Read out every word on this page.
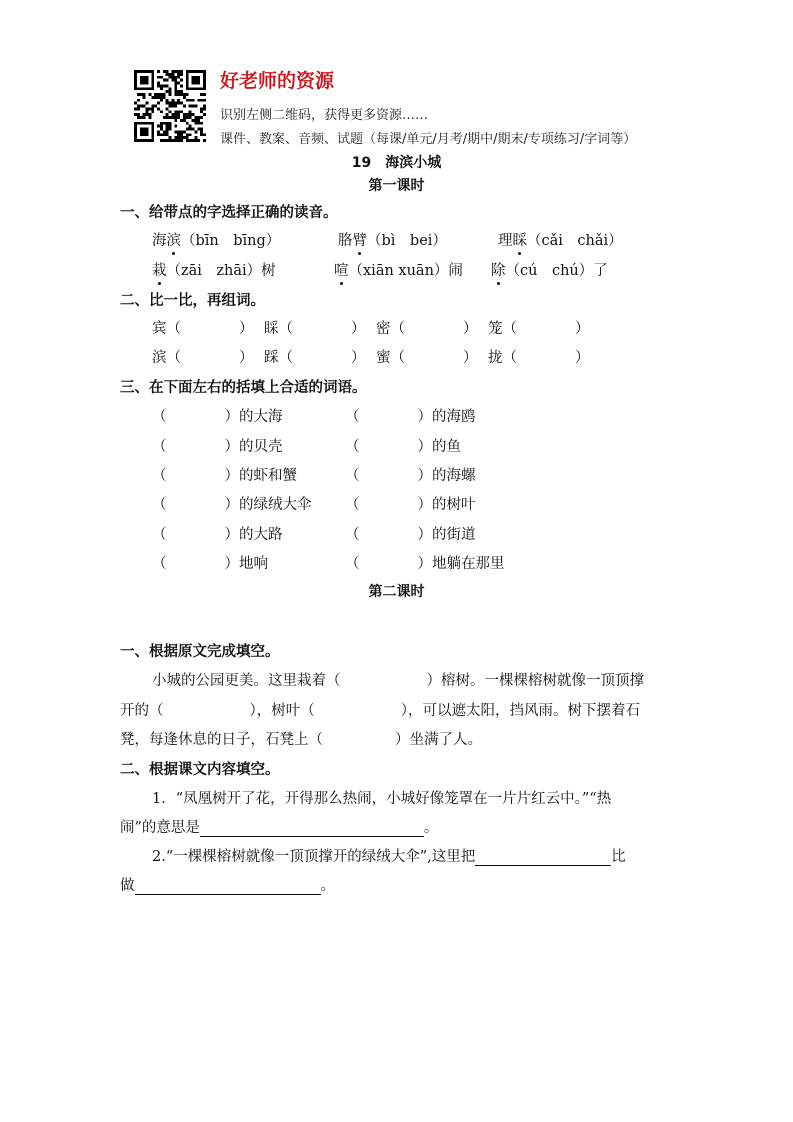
好老师的资源
识别左侧二维码，获得更多资源……
课件、教案、音频、试题（每课/单元/月考/期中/期末/专项练习/字词等）
19　海滨小城
第一课时
一、给带点的字选择正确的读音。
海滨（bīn　bīng）	胳臂（bì　bei）	理睬（cǎi　chǎi）
栽（zāi　zhāi）树	喧（xiān xuān）闹 除（cú　chú）了
二、比一比，再组词。
宾（　　　　） 睬（　　　　） 密（　　　　） 笼（　　　　）
滨（　　　　） 踩（　　　　） 蜜（　　　　） 拢（　　　　）
三、在下面左右的括填上合适的词语。
（　　　　）的大海	（　　　　）的海鸥
（　　　　）的贝壳	（　　　　）的鱼
（　　　　）的虾和蟹	（　　　　）的海螺
（　　　　）的绿绒大伞 （　　　　）的树叶
（　　　　）的大路	（　　　　）的街道
（　　　　）地响	（　　　　）地躺在那里
第二课时
一、根据原文完成填空。
小城的公园更美。这里栽着（	）榕树。一棵棵榕树就像一顶顶撑
开的（	），树叶（	），可以遮太阳，挡风雨。树下摆着石
凳，每逢休息的日子，石凳上（	）坐满了人。
二、根据课文内容填空。
1．“凤凰树开了花，开得那么热闹，小城好像笼罩在一片片红云中。”“热
闹”的意思是	。
2.“一棵棵榕树就像一顶顶撑开的绿绒大伞”,这里把	比
做	。
